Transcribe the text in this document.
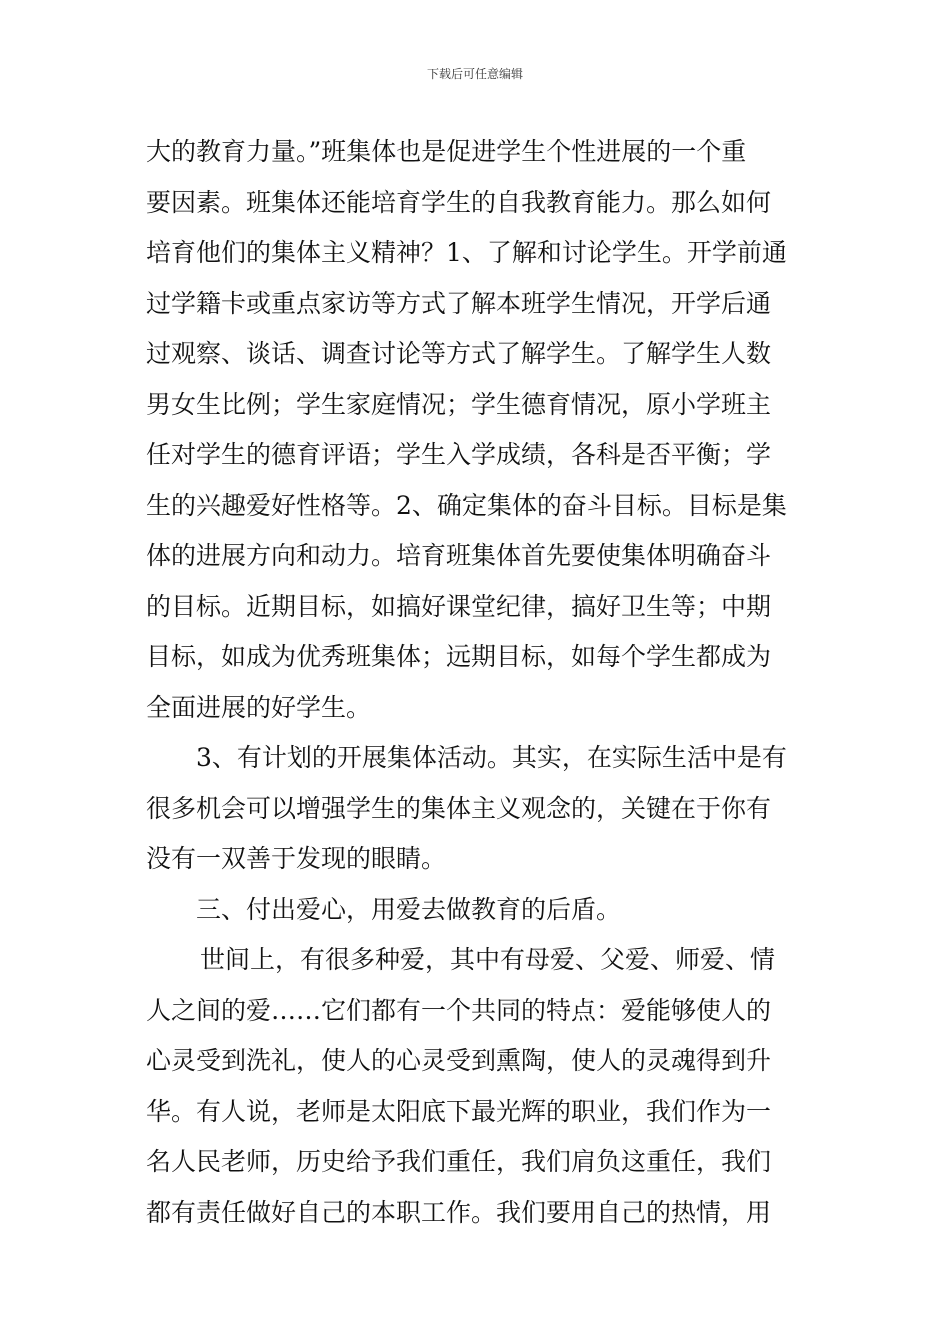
下载后可任意编辑
大的教育力量。”班集体也是促进学生个性进展的一个重
要因素。班集体还能培育学生的自我教育能力。那么如何
培育他们的集体主义精神？1、了解和讨论学生。开学前通
过学籍卡或重点家访等方式了解本班学生情况，开学后通
过观察、谈话、调查讨论等方式了解学生。了解学生人数
男女生比例；学生家庭情况；学生德育情况，原小学班主
任对学生的德育评语；学生入学成绩，各科是否平衡；学
生的兴趣爱好性格等。2、确定集体的奋斗目标。目标是集
体的进展方向和动力。培育班集体首先要使集体明确奋斗
的目标。近期目标，如搞好课堂纪律，搞好卫生等；中期
目标，如成为优秀班集体；远期目标，如每个学生都成为
全面进展的好学生。
3、有计划的开展集体活动。其实，在实际生活中是有
很多机会可以增强学生的集体主义观念的，关键在于你有
没有一双善于发现的眼睛。
三、付出爱心，用爱去做教育的后盾。
世间上，有很多种爱，其中有母爱、父爱、师爱、情
人之间的爱……它们都有一个共同的特点：爱能够使人的
心灵受到洗礼，使人的心灵受到熏陶，使人的灵魂得到升
华。有人说，老师是太阳底下最光辉的职业，我们作为一
名人民老师，历史给予我们重任，我们肩负这重任，我们
都有责任做好自己的本职工作。我们要用自己的热情，用
